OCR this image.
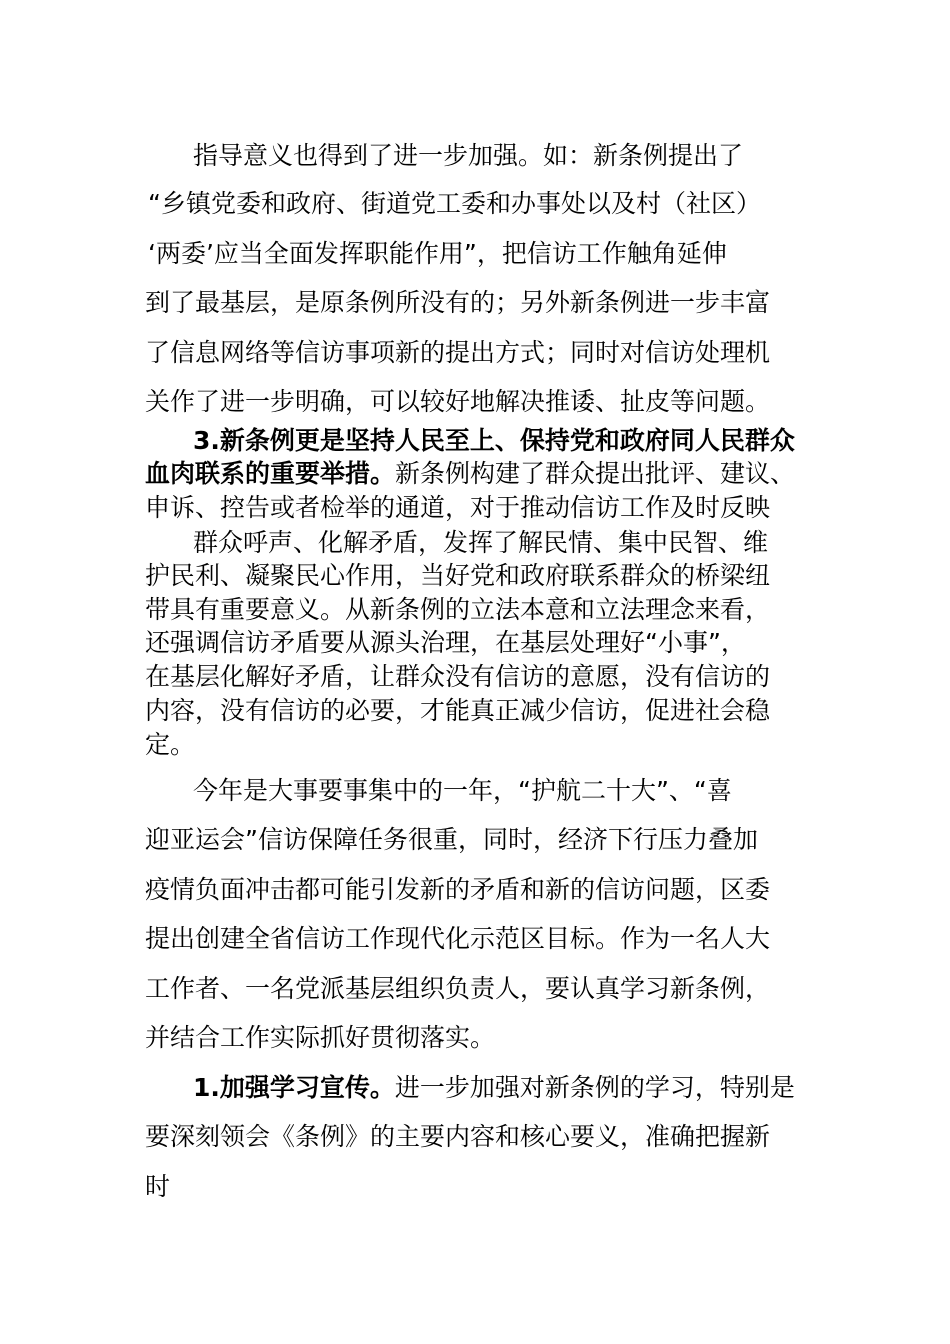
指导意义也得到了进一步加强。如：新条例提出了

“乡镇党委和政府、街道党工委和办事处以及村（社区）

‘两委’应当全面发挥职能作用”，把信访工作触角延伸

到了最基层，是原条例所没有的；另外新条例进一步丰富

了信息网络等信访事项新的提出方式；同时对信访处理机

关作了进一步明确，可以较好地解决推诿、扯皮等问题。

3.新条例更是坚持人民至上、保持党和政府同人民群众

血肉联系的重要举措。新条例构建了群众提出批评、建议、

申诉、控告或者检举的通道，对于推动信访工作及时反映

群众呼声、化解矛盾，发挥了解民情、集中民智、维

护民利、凝聚民心作用，当好党和政府联系群众的桥梁纽

带具有重要意义。从新条例的立法本意和立法理念来看，

还强调信访矛盾要从源头治理，在基层处理好“小事”，

在基层化解好矛盾，让群众没有信访的意愿，没有信访的

内容，没有信访的必要，才能真正减少信访，促进社会稳

定。

今年是大事要事集中的一年，“护航二十大”、“喜

迎亚运会”信访保障任务很重，同时，经济下行压力叠加

疫情负面冲击都可能引发新的矛盾和新的信访问题，区委

提出创建全省信访工作现代化示范区目标。作为一名人大

工作者、一名党派基层组织负责人，要认真学习新条例，

并结合工作实际抓好贯彻落实。

1.加强学习宣传。进一步加强对新条例的学习，特别是

要深刻领会《条例》的主要内容和核心要义，准确把握新

时
